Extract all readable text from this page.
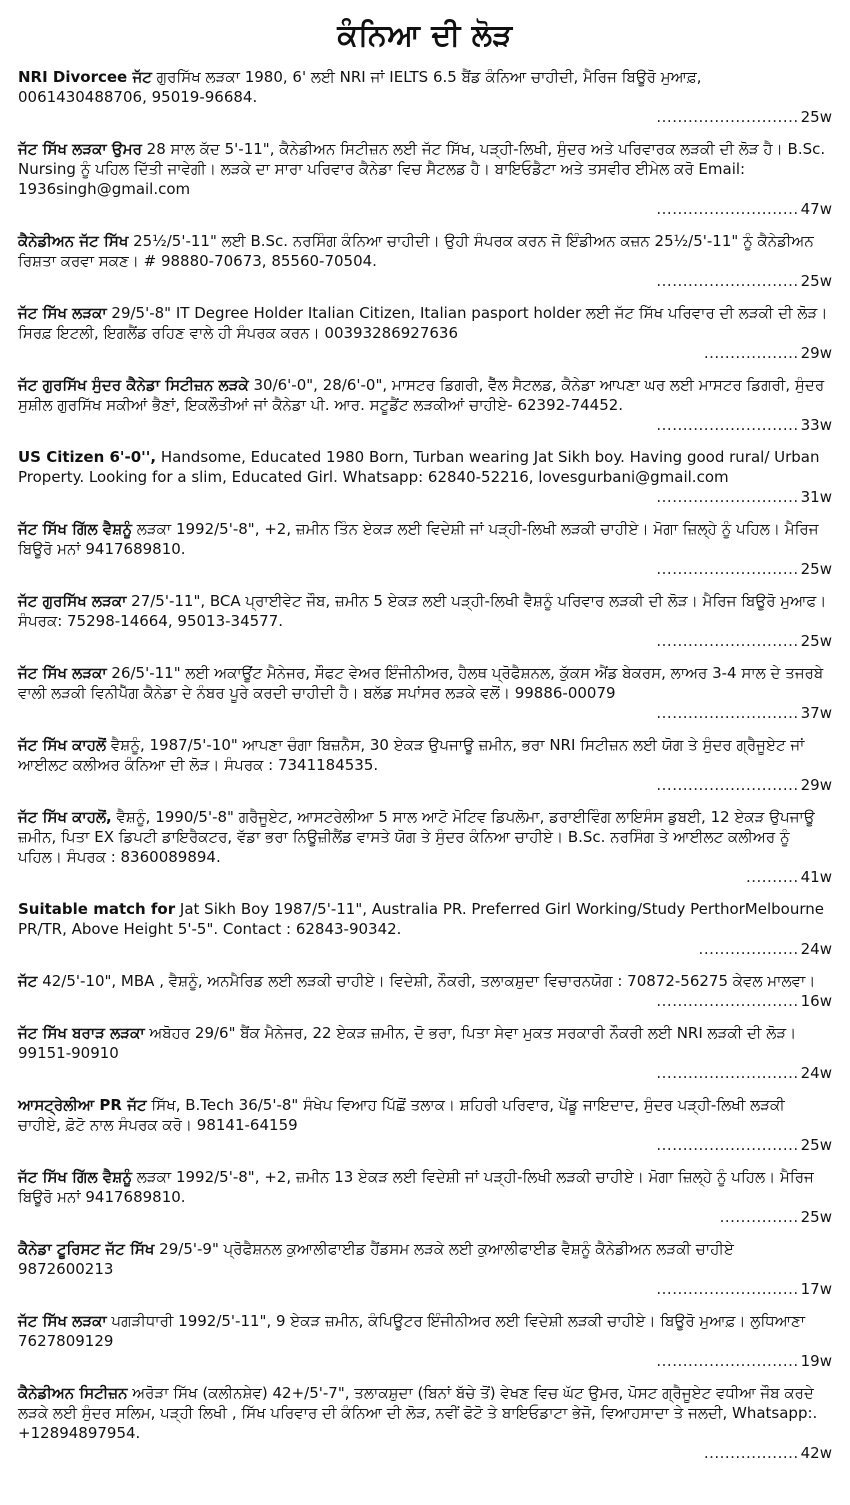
ਕੰਨਿਆ ਦੀ ਲੋੜ
NRI Divorcee ਜੱਟ ਗੁਰਸਿੱਖ ਲੜਕਾ 1980, 6' ਲਈ NRI ਜਾਂ IELTS 6.5 ਬੈਂਡ ਕੰਨਿਆ ਚਾਹੀਦੀ, ਮੈਰਿਜ ਬਿਊਰੋ ਮੁਆਫ਼, 0061430488706, 95019-96684.
........................... 25w
ਜੱਟ ਸਿੱਖ ਲੜਕਾ ਉਮਰ 28 ਸਾਲ ਕੱਦ 5'-11", ਕੈਨੇਡੀਅਨ ਸਿਟੀਜ਼ਨ ਲਈ ਜੱਟ ਸਿੱਖ, ਪੜ੍ਹੀ-ਲਿਖੀ, ਸੁੰਦਰ ਅਤੇ ਪਰਿਵਾਰਕ ਲੜਕੀ ਦੀ ਲੋੜ ਹੈ। B.Sc. Nursing ਨੂੰ ਪਹਿਲ ਦਿੱਤੀ ਜਾਵੇਗੀ। ਲੜਕੇ ਦਾ ਸਾਰਾ ਪਰਿਵਾਰ ਕੈਨੇਡਾ ਵਿਚ ਸੈਟਲਡ ਹੈ। ਬਾਇਓਡੈਟਾ ਅਤੇ ਤਸਵੀਰ ਈਮੇਲ ਕਰੋ Email: 1936singh@gmail.com
........................... 47w
ਕੈਨੇਡੀਅਨ ਜੱਟ ਸਿੱਖ 25½/5'-11" ਲਈ B.Sc. ਨਰਸਿੰਗ ਕੰਨਿਆ ਚਾਹੀਦੀ। ਉਹੀ ਸੰਪਰਕ ਕਰਨ ਜੋ ਇੰਡੀਅਨ ਕਜ਼ਨ 25½/5'-11" ਨੂੰ ਕੈਨੇਡੀਅਨ ਰਿਸ਼ਤਾ ਕਰਵਾ ਸਕਣ। # 98880-70673, 85560-70504.
........................... 25w
ਜੱਟ ਸਿੱਖ ਲੜਕਾ 29/5'-8" IT Degree Holder Italian Citizen, Italian pasport holder ਲਈ ਜੱਟ ਸਿੱਖ ਪਰਿਵਾਰ ਦੀ ਲੜਕੀ ਦੀ ਲੋੜ। ਸਿਰਫ਼ ਇਟਲੀ, ਇਗਲੈਂਡ ਰਹਿਣ ਵਾਲੇ ਹੀ ਸੰਪਰਕ ਕਰਨ। 00393286927636
.................. 29w
ਜੱਟ ਗੁਰਸਿੱਖ ਸੁੰਦਰ ਕੈਨੇਡਾ ਸਿਟੀਜ਼ਨ ਲੜਕੇ 30/6'-0", 28/6'-0", ਮਾਸਟਰ ਡਿਗਰੀ, ਵੈੱਲ ਸੈਟਲਡ, ਕੈਨੇਡਾ ਆਪਣਾ ਘਰ ਲਈ ਮਾਸਟਰ ਡਿਗਰੀ, ਸੁੰਦਰ ਸੁਸ਼ੀਲ ਗੁਰਸਿੱਖ ਸਕੀਆਂ ਭੈਣਾਂ, ਇਕਲੌਤੀਆਂ ਜਾਂ ਕੈਨੇਡਾ ਪੀ. ਆਰ. ਸਟੂਡੈਂਟ ਲੜਕੀਆਂ ਚਾਹੀਏ- 62392-74452.
........................... 33w
US Citizen 6'-0'', Handsome, Educated 1980 Born, Turban wearing Jat Sikh boy. Having good rural/ Urban Property. Looking for a slim, Educated Girl. Whatsapp: 62840-52216, lovesgurbani@gmail.com
........................... 31w
ਜੱਟ ਸਿੱਖ ਗਿੱਲ ਵੈਸ਼ਨੂੰ ਲੜਕਾ 1992/5'-8", +2, ਜ਼ਮੀਨ ਤਿੰਨ ਏਕੜ ਲਈ ਵਿਦੇਸ਼ੀ ਜਾਂ ਪੜ੍ਹੀ-ਲਿਖੀ ਲੜਕੀ ਚਾਹੀਏ। ਮੋਗਾ ਜ਼ਿਲ੍ਹੇ ਨੂੰ ਪਹਿਲ। ਮੈਰਿਜ ਬਿਊਰੋ ਮਨਾਂ 9417689810.
........................... 25w
ਜੱਟ ਗੁਰਸਿੱਖ ਲੜਕਾ 27/5'-11", BCA ਪ੍ਰਾਈਵੇਟ ਜੌਬ, ਜ਼ਮੀਨ 5 ਏਕੜ ਲਈ ਪੜ੍ਹੀ-ਲਿਖੀ ਵੈਸ਼ਨੂੰ ਪਰਿਵਾਰ ਲੜਕੀ ਦੀ ਲੋੜ। ਮੈਰਿਜ ਬਿਊਰੋ ਮੁਆਫ। ਸੰਪਰਕ: 75298-14664, 95013-34577.
........................... 25w
ਜੱਟ ਸਿੱਖ ਲੜਕਾ 26/5'-11" ਲਈ ਅਕਾਊਂਟ ਮੈਨੇਜਰ, ਸੌਫਟ ਵੇਅਰ ਇੰਜੀਨੀਅਰ, ਹੈਲਥ ਪ੍ਰੋਫੈਸ਼ਨਲ, ਕੁੱਕਸ ਐਂਡ ਬੇਕਰਸ, ਲਾਅਰ 3-4 ਸਾਲ ਦੇ ਤਜਰਬੇ ਵਾਲੀ ਲੜਕੀ ਵਿਨੀਪੈੱਗ ਕੈਨੇਡਾ ਦੇ ਨੰਬਰ ਪੂਰੇ ਕਰਦੀ ਚਾਹੀਦੀ ਹੈ। ਬਲੱਡ ਸਪਾਂਸਰ ਲੜਕੇ ਵਲੋਂ। 99886-00079
........................... 37w
ਜੱਟ ਸਿੱਖ ਕਾਹਲੋਂ ਵੈਸ਼ਨੂੰ, 1987/5'-10" ਆਪਣਾ ਚੰਗਾ ਬਿਜ਼ਨੈਸ, 30 ਏਕੜ ਉਪਜਾਊ ਜ਼ਮੀਨ, ਭਰਾ NRI ਸਿਟੀਜ਼ਨ ਲਈ ਯੋਗ ਤੇ ਸੁੰਦਰ ਗ੍ਰੈਜੂਏਟ ਜਾਂ ਆਈਲਟ ਕਲੀਅਰ ਕੰਨਿਆ ਦੀ ਲੋੜ। ਸੰਪਰਕ : 7341184535.
........................... 29w
ਜੱਟ ਸਿੱਖ ਕਾਹਲੋਂ, ਵੈਸ਼ਨੂੰ, 1990/5'-8" ਗਰੈਜੂਏਟ, ਆਸਟਰੇਲੀਆ 5 ਸਾਲ ਆਟੋ ਮੋਟਿਵ ਡਿਪਲੋਮਾ, ਡਰਾਈਵਿੰਗ ਲਾਇਸੰਸ ਡੁਬਈ, 12 ਏਕੜ ਉਪਜਾਊ ਜ਼ਮੀਨ, ਪਿਤਾ EX ਡਿਪਟੀ ਡਾਇਰੈਕਟਰ, ਵੱਡਾ ਭਰਾ ਨਿਊਜ਼ੀਲੈਂਡ ਵਾਸਤੇ ਯੋਗ ਤੇ ਸੁੰਦਰ ਕੰਨਿਆ ਚਾਹੀਏ। B.Sc. ਨਰਸਿੰਗ ਤੇ ਆਈਲਟ ਕਲੀਅਰ ਨੂੰ ਪਹਿਲ। ਸੰਪਰਕ : 8360089894.
.......... 41w
Suitable match for Jat Sikh Boy 1987/5'-11", Australia PR. Preferred Girl Working/Study PerthorMelbourne PR/TR, Above Height 5'-5". Contact : 62843-90342.
................... 24w
ਜੱਟ 42/5'-10", MBA , ਵੈਸ਼ਨੂੰ, ਅਨਮੈਰਿਡ ਲਈ ਲੜਕੀ ਚਾਹੀਏ। ਵਿਦੇਸ਼ੀ, ਨੌਕਰੀ, ਤਲਾਕਸ਼ੁਦਾ ਵਿਚਾਰਨਯੋਗ : 70872-56275 ਕੇਵਲ ਮਾਲਵਾ।
........................... 16w
ਜੱਟ ਸਿੱਖ ਬਰਾੜ ਲੜਕਾ ਅਬੋਹਰ 29/6" ਬੈਂਕ ਮੈਨੇਜਰ, 22 ਏਕੜ ਜ਼ਮੀਨ, ਦੋ ਭਰਾ, ਪਿਤਾ ਸੇਵਾ ਮੁਕਤ ਸਰਕਾਰੀ ਨੌਕਰੀ ਲਈ NRI ਲੜਕੀ ਦੀ ਲੋੜ। 99151-90910
........................... 24w
ਆਸਟ੍ਰੇਲੀਆ PR ਜੱਟ ਸਿੱਖ, B.Tech 36/5'-8" ਸੰਖੇਪ ਵਿਆਹ ਪਿੱਛੋਂ ਤਲਾਕ। ਸ਼ਹਿਰੀ ਪਰਿਵਾਰ, ਪੇਂਡੂ ਜਾਇਦਾਦ, ਸੁੰਦਰ ਪੜ੍ਹੀ-ਲਿਖੀ ਲੜਕੀ ਚਾਹੀਏ, ਫ਼ੋਟੋ ਨਾਲ ਸੰਪਰਕ ਕਰੋ। 98141-64159
........................... 25w
ਜੱਟ ਸਿੱਖ ਗਿੱਲ ਵੈਸ਼ਨੂੰ ਲੜਕਾ 1992/5'-8", +2, ਜ਼ਮੀਨ 13 ਏਕੜ ਲਈ ਵਿਦੇਸ਼ੀ ਜਾਂ ਪੜ੍ਹੀ-ਲਿਖੀ ਲੜਕੀ ਚਾਹੀਏ। ਮੋਗਾ ਜ਼ਿਲ੍ਹੇ ਨੂੰ ਪਹਿਲ। ਮੈਰਿਜ ਬਿਊਰੋ ਮਨਾਂ 9417689810.
............... 25w
ਕੈਨੇਡਾ ਟੂਰਿਸਟ ਜੱਟ ਸਿੱਖ 29/5'-9" ਪ੍ਰੋਫੈਸ਼ਨਲ ਕੁਆਲੀਫਾਈਡ ਹੈਂਡਸਮ ਲੜਕੇ ਲਈ ਕੁਆਲੀਫਾਈਡ ਵੈਸ਼ਨੂੰ ਕੈਨੇਡੀਅਨ ਲੜਕੀ ਚਾਹੀਏ 9872600213
........................... 17w
ਜੱਟ ਸਿੱਖ ਲੜਕਾ ਪਗੜੀਧਾਰੀ 1992/5'-11", 9 ਏਕੜ ਜ਼ਮੀਨ, ਕੰਪਿਊਟਰ ਇੰਜੀਨੀਅਰ ਲਈ ਵਿਦੇਸ਼ੀ ਲੜਕੀ ਚਾਹੀਏ। ਬਿਊਰੋ ਮੁਆਫ਼। ਲੁਧਿਆਣਾ 7627809129
........................... 19w
ਕੈਨੇਡੀਅਨ ਸਿਟੀਜ਼ਨ ਅਰੋੜਾ ਸਿੱਖ (ਕਲੀਨਸ਼ੇਵ) 42+/5'-7", ਤਲਾਕਸ਼ੁਦਾ (ਬਿਨਾਂ ਬੱਚੇ ਤੋਂ) ਵੇਖਣ ਵਿਚ ਘੱਟ ਉਮਰ, ਪੋਸਟ ਗ੍ਰੈਜੂਏਟ ਵਧੀਆ ਜੌਬ ਕਰਦੇ ਲੜਕੇ ਲਈ ਸੁੰਦਰ ਸਲਿਮ, ਪੜ੍ਹੀ ਲਿਖੀ , ਸਿੱਖ ਪਰਿਵਾਰ ਦੀ ਕੰਨਿਆ ਦੀ ਲੋੜ, ਨਵੀਂ ਫੋਟੋ ਤੇ ਬਾਇਓਡਾਟਾ ਭੇਜੋ, ਵਿਆਹਸਾਦਾ ਤੇ ਜਲਦੀ, Whatsapp:. +12894897954.
.................. 42w
